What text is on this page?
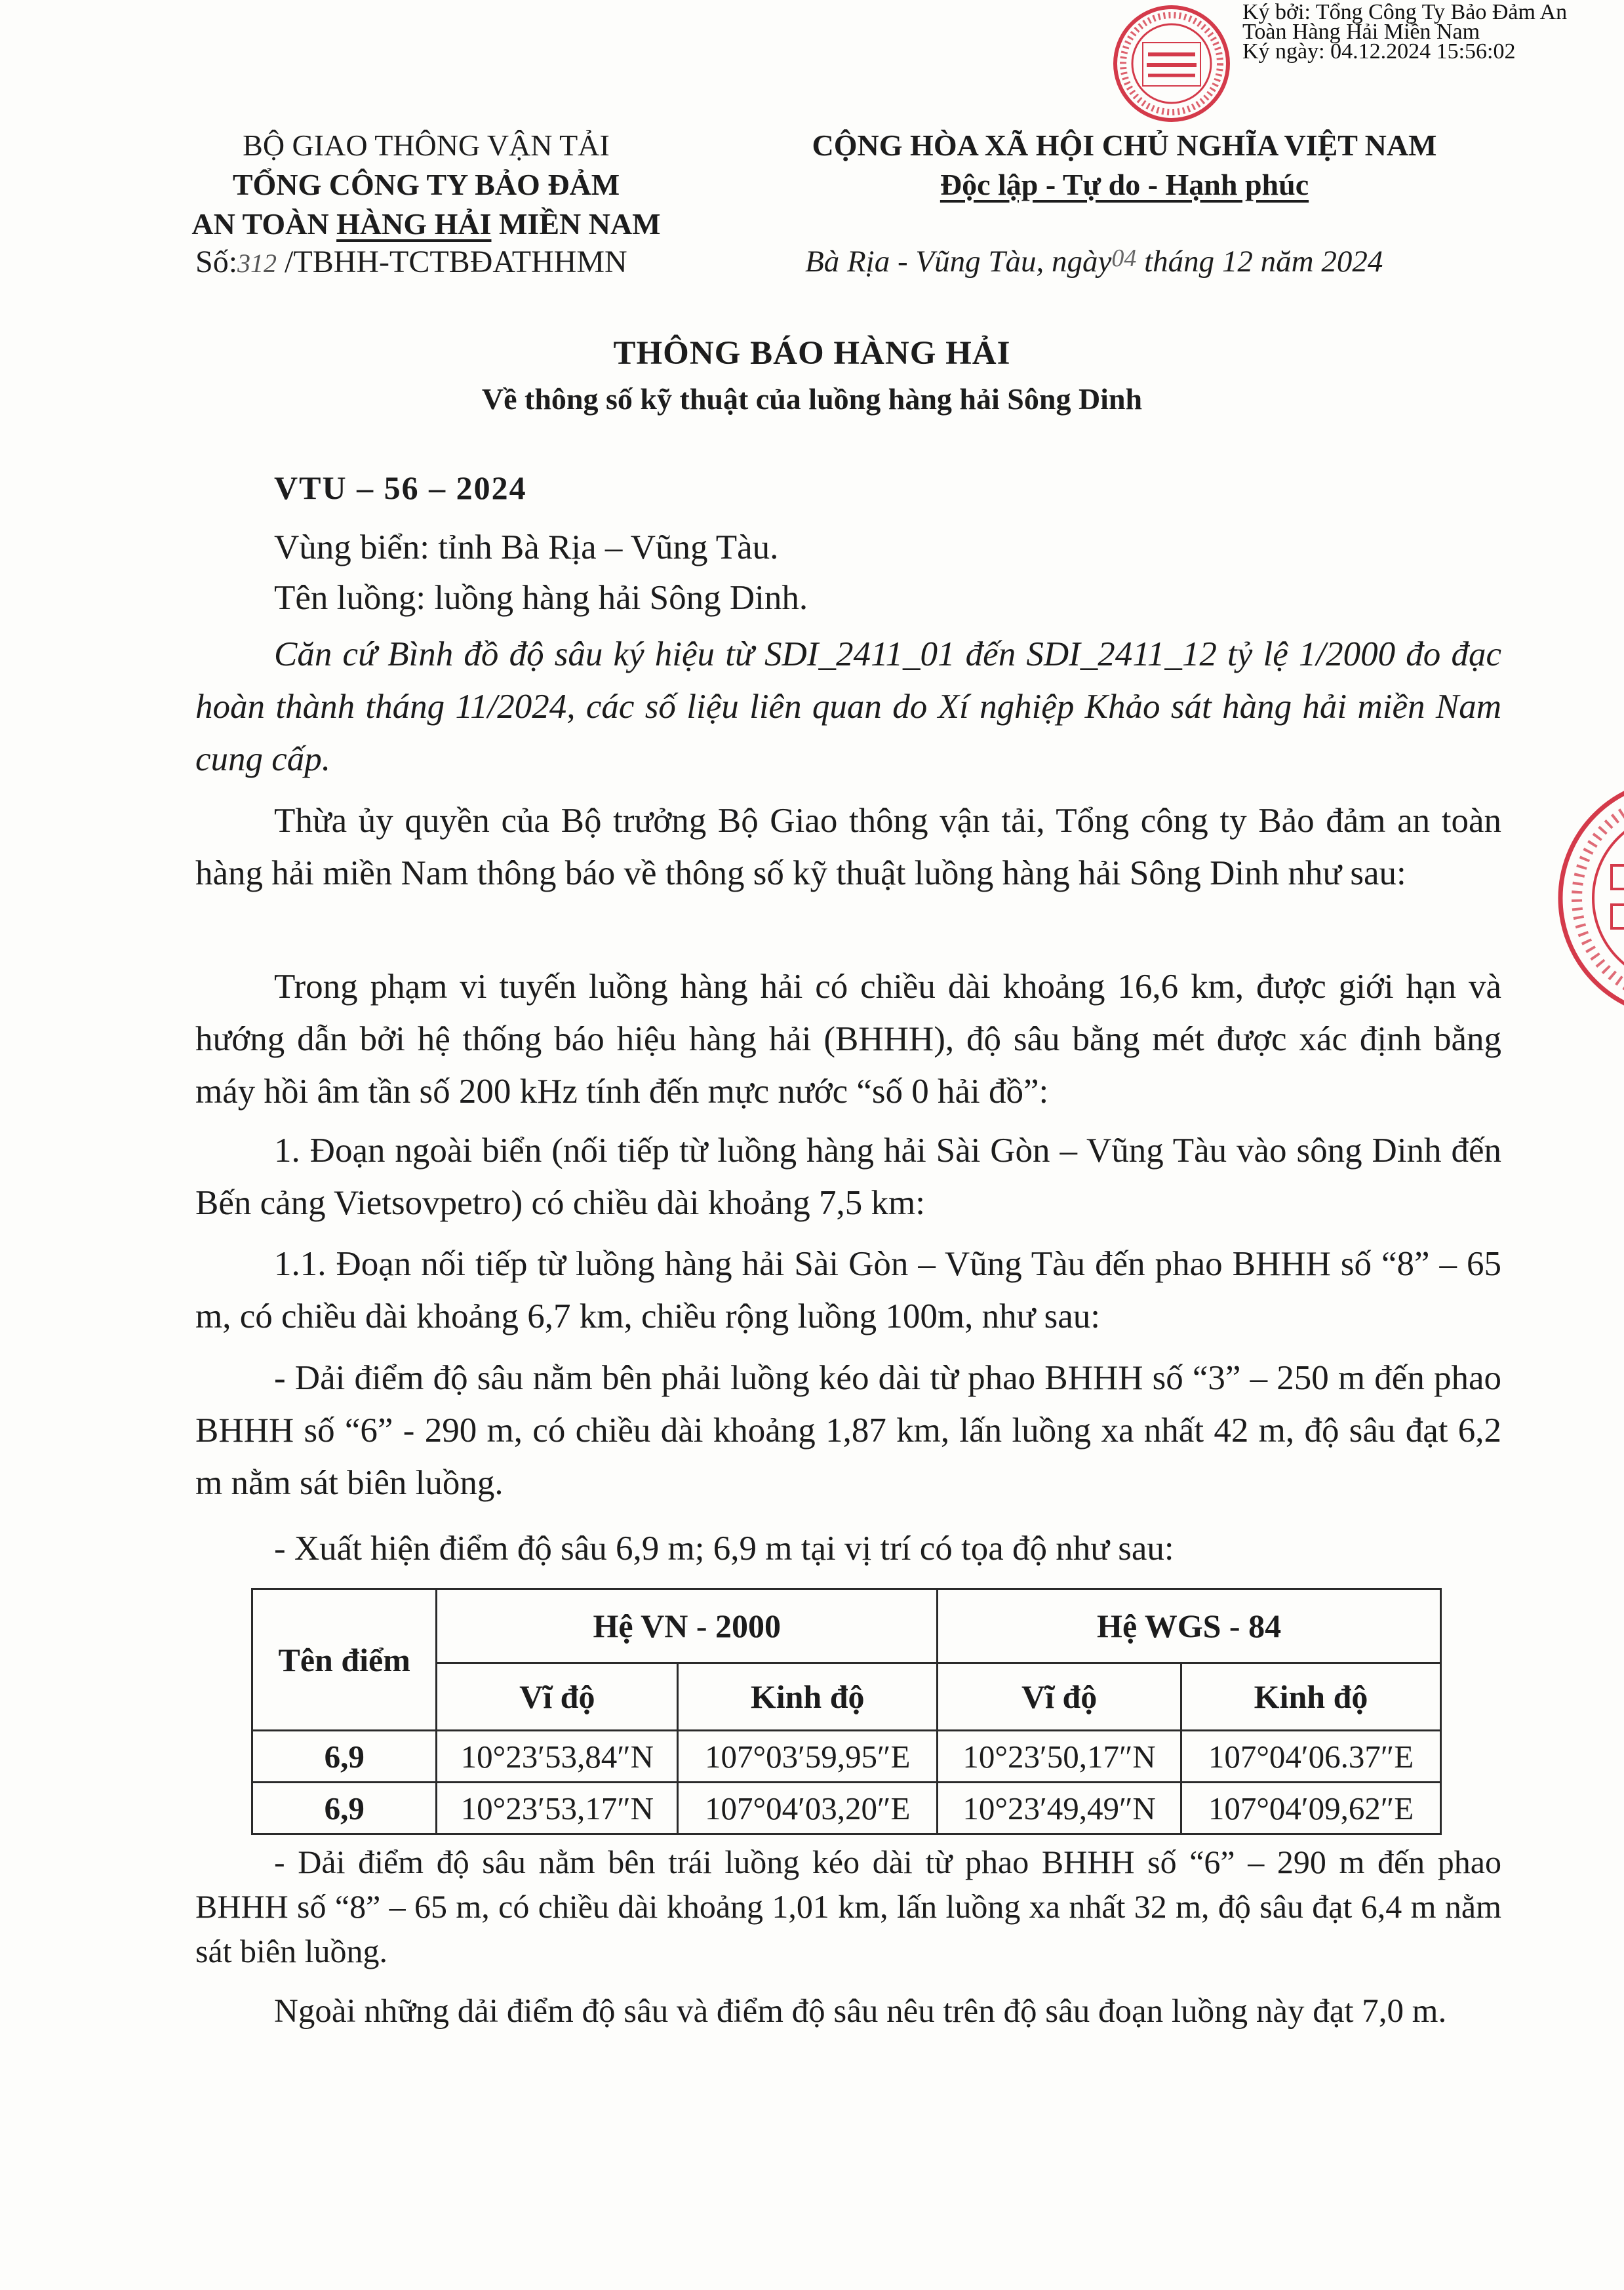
Ký bởi: Tổng Công Ty Bảo Đảm An
Toàn Hàng Hải Miền Nam
Ký ngày: 04.12.2024 15:56:02
BỘ GIAO THÔNG VẬN TẢI
TỔNG CÔNG TY BẢO ĐẢM
AN TOÀN HÀNG HẢI MIỀN NAM
Số:312 /TBHH-TCTBĐATHHMN
CỘNG HÒA XÃ HỘI CHỦ NGHĨA VIỆT NAM
Độc lập - Tự do - Hạnh phúc
Bà Rịa - Vũng Tàu, ngày04 tháng 12 năm 2024
THÔNG BÁO HÀNG HẢI
Về thông số kỹ thuật của luồng hàng hải Sông Dinh
VTU – 56 – 2024
Vùng biển: tỉnh Bà Rịa – Vũng Tàu.
Tên luồng: luồng hàng hải Sông Dinh.
Căn cứ Bình đồ độ sâu ký hiệu từ SDI_2411_01 đến SDI_2411_12 tỷ lệ 1/2000 đo đạc hoàn thành tháng 11/2024, các số liệu liên quan do Xí nghiệp Khảo sát hàng hải miền Nam cung cấp.
Thừa ủy quyền của Bộ trưởng Bộ Giao thông vận tải, Tổng công ty Bảo đảm an toàn hàng hải miền Nam thông báo về thông số kỹ thuật luồng hàng hải Sông Dinh như sau:
Trong phạm vi tuyến luồng hàng hải có chiều dài khoảng 16,6 km, được giới hạn và hướng dẫn bởi hệ thống báo hiệu hàng hải (BHHH), độ sâu bằng mét được xác định bằng máy hồi âm tần số 200 kHz tính đến mực nước “số 0 hải đồ”:
1. Đoạn ngoài biển (nối tiếp từ luồng hàng hải Sài Gòn – Vũng Tàu vào sông Dinh đến Bến cảng Vietsovpetro) có chiều dài khoảng 7,5 km:
1.1. Đoạn nối tiếp từ luồng hàng hải Sài Gòn – Vũng Tàu đến phao BHHH số “8” – 65 m, có chiều dài khoảng 6,7 km, chiều rộng luồng 100m, như sau:
- Dải điểm độ sâu nằm bên phải luồng kéo dài từ phao BHHH số “3” – 250 m đến phao BHHH số “6” - 290 m, có chiều dài khoảng 1,87 km, lấn luồng xa nhất 42 m, độ sâu đạt 6,2 m nằm sát biên luồng.
- Xuất hiện điểm độ sâu 6,9 m; 6,9 m tại vị trí có tọa độ như sau:
Tên điểm	Hệ VN - 2000		Hệ WGS - 84	
	Vĩ độ	Kinh độ	Vĩ độ	Kinh độ
6,9	10°23′53,84″N	107°03′59,95″E	10°23′50,17″N	107°04′06.37″E
6,9	10°23′53,17″N	107°04′03,20″E	10°23′49,49″N	107°04′09,62″E
- Dải điểm độ sâu nằm bên trái luồng kéo dài từ phao BHHH số “6” – 290 m đến phao BHHH số “8” – 65 m, có chiều dài khoảng 1,01 km, lấn luồng xa nhất 32 m, độ sâu đạt 6,4 m nằm sát biên luồng.
Ngoài những dải điểm độ sâu và điểm độ sâu nêu trên độ sâu đoạn luồng này đạt 7,0 m.
